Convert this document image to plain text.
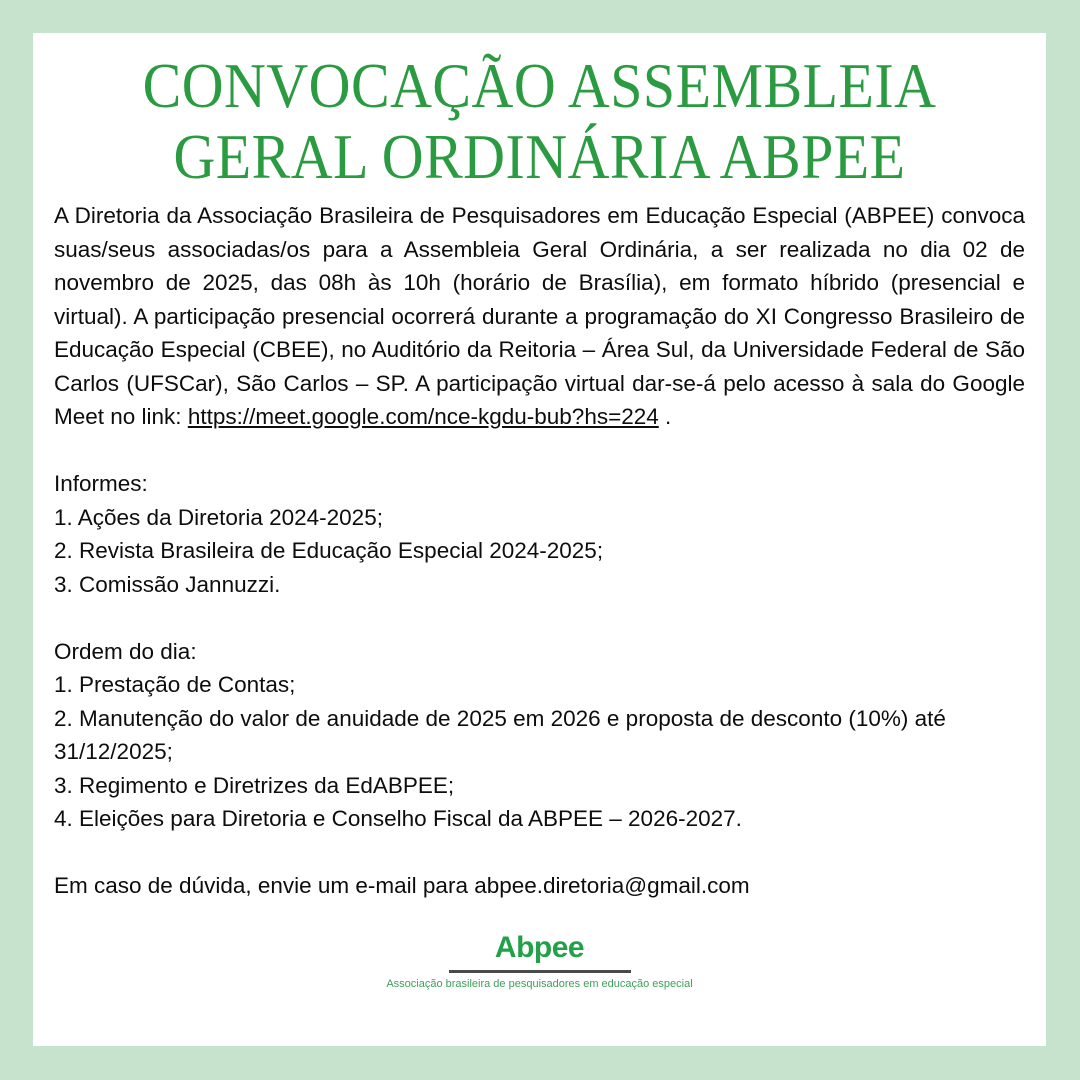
CONVOCAÇÃO ASSEMBLEIA
GERAL ORDINÁRIA ABPEE

A Diretoria da Associação Brasileira de Pesquisadores em Educação Especial (ABPEE) convoca suas/seus associadas/os para a Assembleia Geral Ordinária, a ser realizada no dia 02 de novembro de 2025, das 08h às 10h (horário de Brasília), em formato híbrido (presencial e virtual). A participação presencial ocorrerá durante a programação do XI Congresso Brasileiro de Educação Especial (CBEE), no Auditório da Reitoria – Área Sul, da Universidade Federal de São Carlos (UFSCar), São Carlos – SP. A participação virtual dar-se-á pelo acesso à sala do Google Meet no link: https://meet.google.com/nce-kgdu-bub?hs=224 .

Informes:
1. Ações da Diretoria 2024-2025;
2. Revista Brasileira de Educação Especial 2024-2025;
3. Comissão Jannuzzi.
Ordem do dia:
1. Prestação de Contas;

2. Manutenção do valor de anuidade de 2025 em 2026 e proposta de desconto (10%) até 31/12/2025;

3. Regimento e Diretrizes da EdABPEE;
4. Eleições para Diretoria e Conselho Fiscal da ABPEE – 2026-2027.
Em caso de dúvida, envie um e-mail para abpee.diretoria@gmail.com
Abpee
Associação brasileira de pesquisadores em educação especial
